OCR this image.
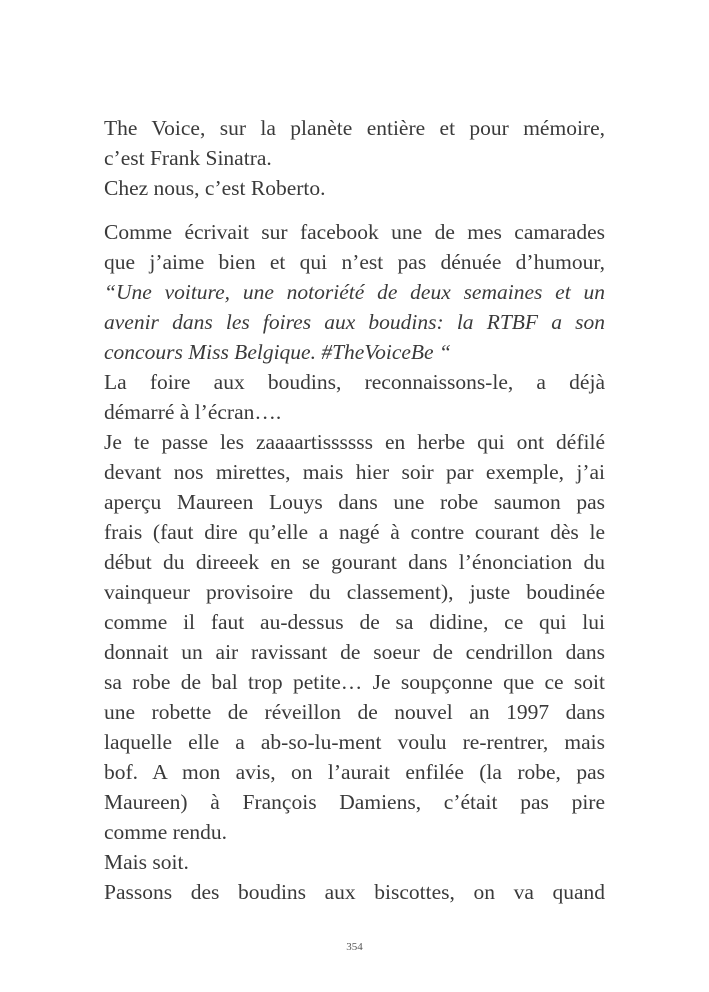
The Voice, sur la planète entière et pour mémoire,
c’est Frank Sinatra.
Chez nous, c’est Roberto.
Comme écrivait sur facebook une de mes camarades
que j’aime bien et qui n’est pas dénuée d’humour,
“Une voiture, une notoriété de deux semaines et un
avenir dans les foires aux boudins: la RTBF a son
concours Miss Belgique. #TheVoiceBe “
La foire aux boudins, reconnaissons-le, a déjà
démarré à l’écran….
Je te passe les zaaaartissssss en herbe qui ont défilé
devant nos mirettes, mais hier soir par exemple, j’ai
aperçu Maureen Louys dans une robe saumon pas
frais (faut dire qu’elle a nagé à contre courant dès le
début du direeek en se gourant dans l’énonciation du
vainqueur provisoire du classement), juste boudinée
comme il faut au-dessus de sa didine, ce qui lui
donnait un air ravissant de soeur de cendrillon dans
sa robe de bal trop petite… Je soupçonne que ce soit
une robette de réveillon de nouvel an 1997 dans
laquelle elle a ab-so-lu-ment voulu re-rentrer, mais
bof. A mon avis, on l’aurait enfilée (la robe, pas
Maureen) à François Damiens, c’était pas pire
comme rendu.
Mais soit.
Passons des boudins aux biscottes, on va quand
354
